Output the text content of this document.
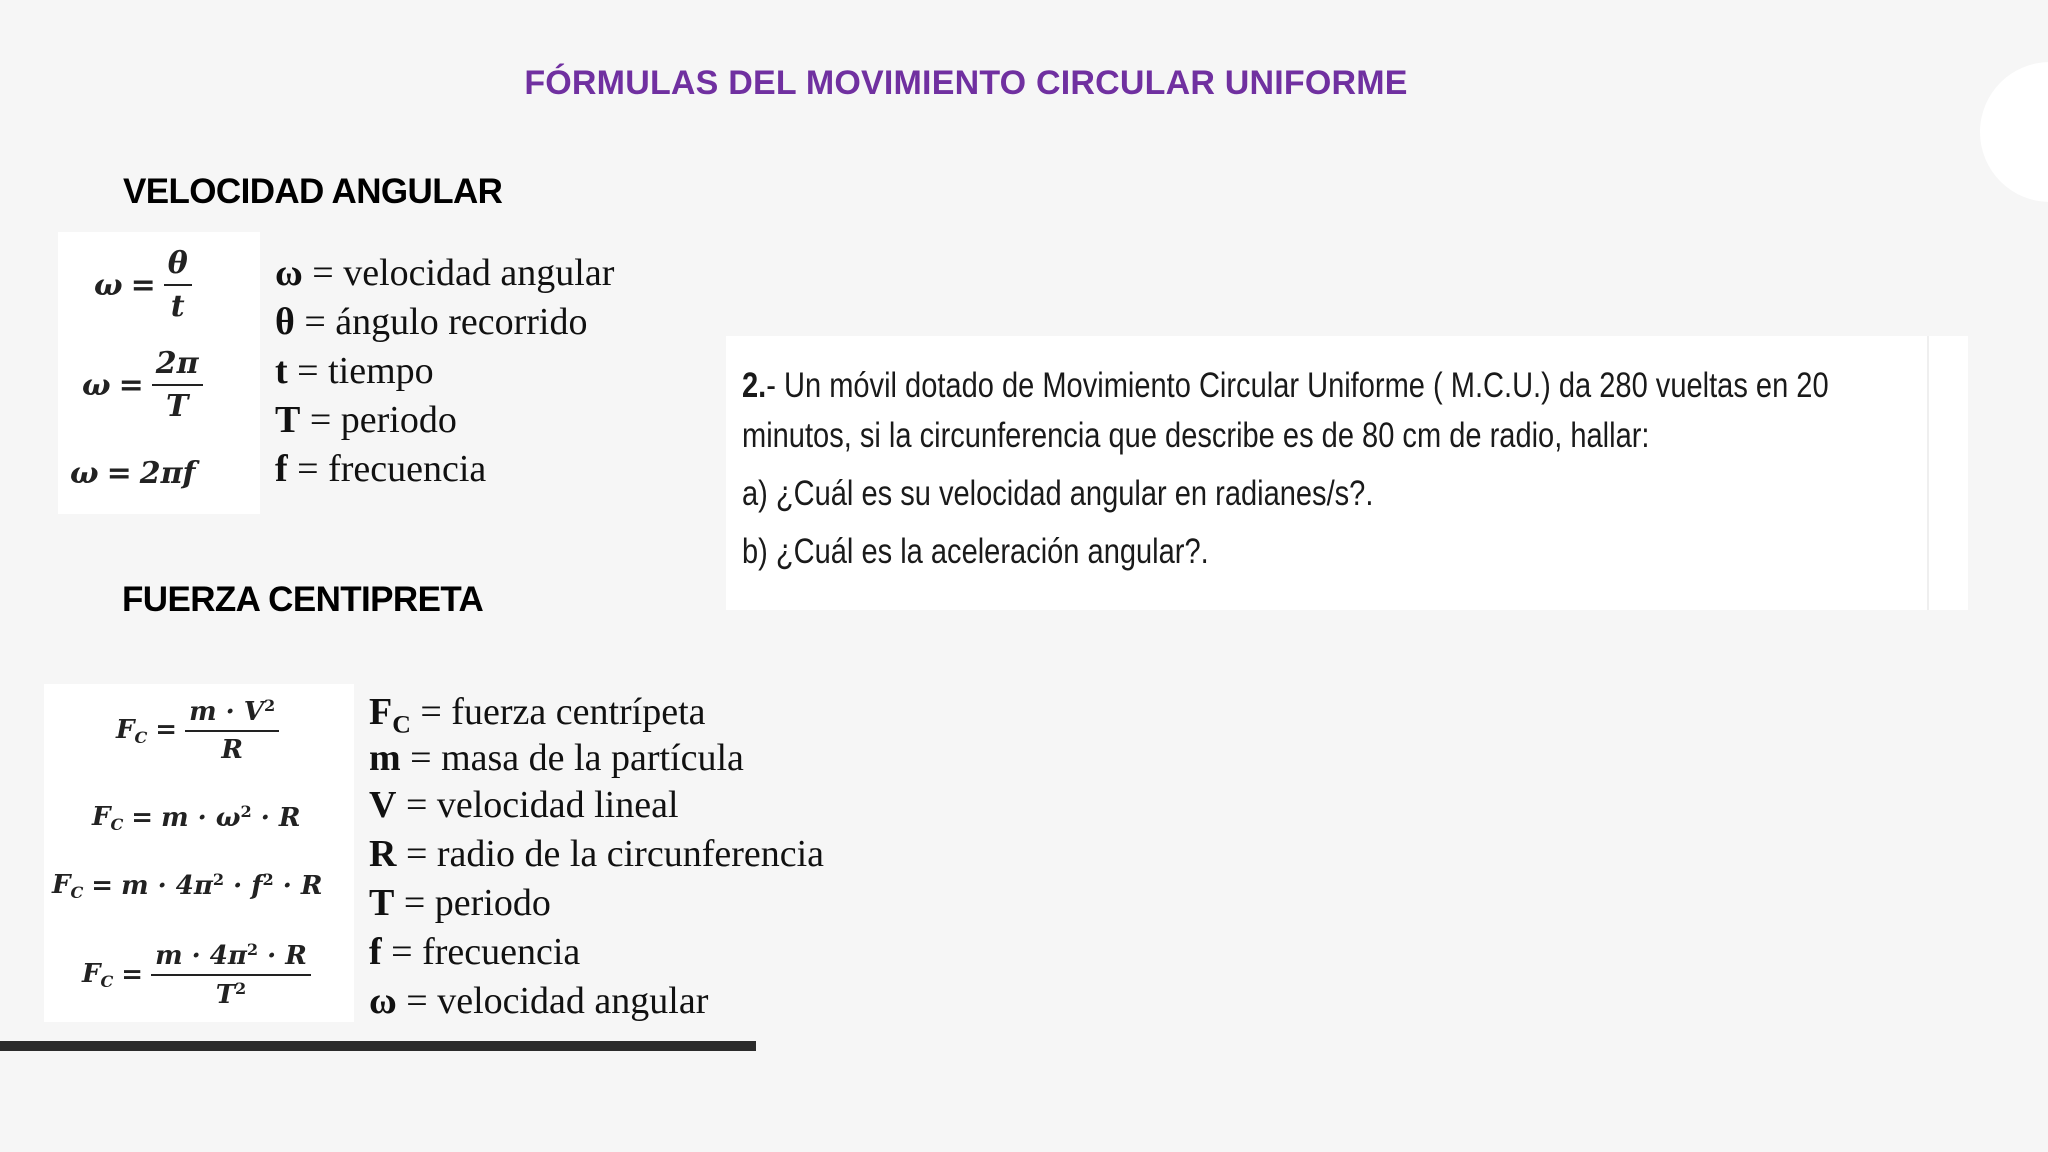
FÓRMULAS DEL MOVIMIENTO CIRCULAR UNIFORME
VELOCIDAD ANGULAR
$\omega = \frac{\theta}{t}$
$\omega = \frac{2\pi}{T}$
ω = 2πf
ω = velocidad angular
θ = ángulo recorrido
t = tiempo
T = periodo
f = frecuencia
FUERZA CENTIPRETA
$F_C = \frac{m \cdot V^2}{R}$
$F_C = m \cdot \omega^2 \cdot R$
$F_C = m \cdot 4\pi^2 \cdot f^2 \cdot R$
$F_C = \frac{m \cdot 4\pi^2 \cdot R}{T^2}$
$F_C$ = fuerza centrípeta
m = masa de la partícula
V = velocidad lineal
R = radio de la circunferencia
T = periodo
f = frecuencia
ω = velocidad angular
2.- Un móvil dotado de Movimiento Circular Uniforme ( M.C.U.) da 280 vueltas en 20
minutos, si la circunferencia que describe es de 80 cm de radio, hallar:
a) ¿Cuál es su velocidad angular en radianes/s?.
b) ¿Cuál es la aceleración angular?.
